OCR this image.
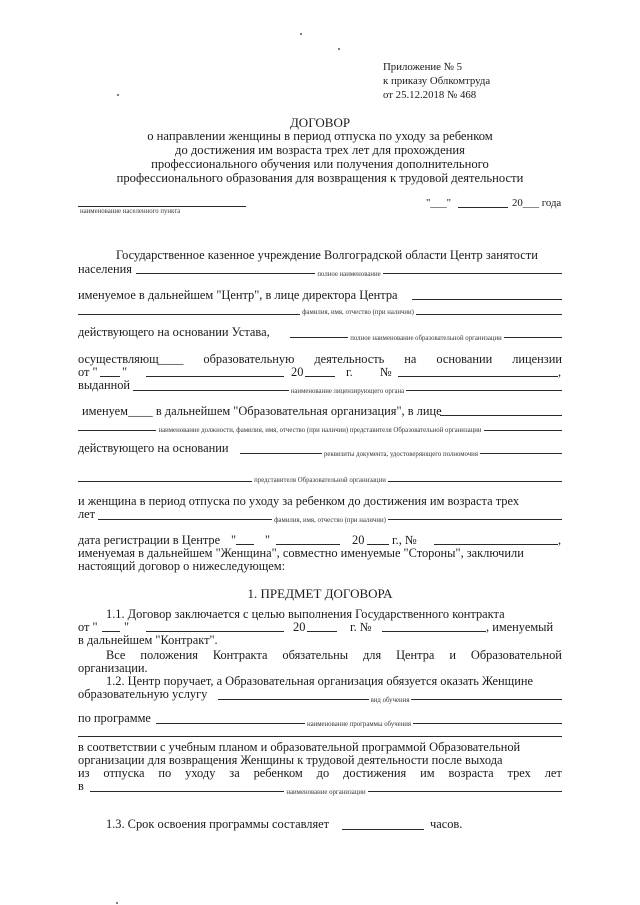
Приложение № 5
к приказу Облкомтруда
от 25.12.2018 № 468
ДОГОВОР
о направлении женщины в период отпуска по уходу за ребенком
до достижения им возраста трех лет для прохождения
профессионального обучения или получения дополнительного
профессионального образования для возвращения к трудовой деятельности
наименование населенного пункта
"___"	20___ года
Государственное казенное учреждение Волгоградской области Центр занятости
населения	полное наименование
именуемое в дальнейшем "Центр", в лице директора Центра
фамилия, имя, отчество (при наличии)
действующего на основании Устава,	полное наименование образовательной организации
осуществляющ____ образовательную деятельность на основании лицензии
от " "	20	г. №	,
выданной	наименование лицензирующего органа
именуем____ в дальнейшем "Образовательная организация", в лице
наименование должности, фамилия, имя, отчество (при наличии) представителя Образовательной организации
действующего на основании	реквизиты документа, удостоверяющего полномочия
представителя Образовательной организации
и женщина в период отпуска по уходу за ребенком до достижения им возраста трех
лет	фамилия, имя, отчество (при наличии)
дата регистрации в Центре " "	20 г., №	,
именуемая в дальнейшем "Женщина", совместно именуемые "Стороны", заключили
настоящий договор о нижеследующем:
1. ПРЕДМЕТ ДОГОВОРА
1.1. Договор заключается с целью выполнения Государственного контракта
от " "	20	г. №	, именуемый
в дальнейшем "Контракт".
Все положения Контракта обязательны для Центра и Образовательной
организации.
1.2. Центр поручает, а Образовательная организация обязуется оказать Женщине
образовательную услугу	вид обучения
по программе	наименование программы обучения
в соответствии с учебным планом и образовательной программой Образовательной
организации для возвращения Женщины к трудовой деятельности после выхода
из отпуска по уходу за ребенком до достижения им возраста трех лет
в	наименование организации
1.3. Срок освоения программы составляет	часов.
